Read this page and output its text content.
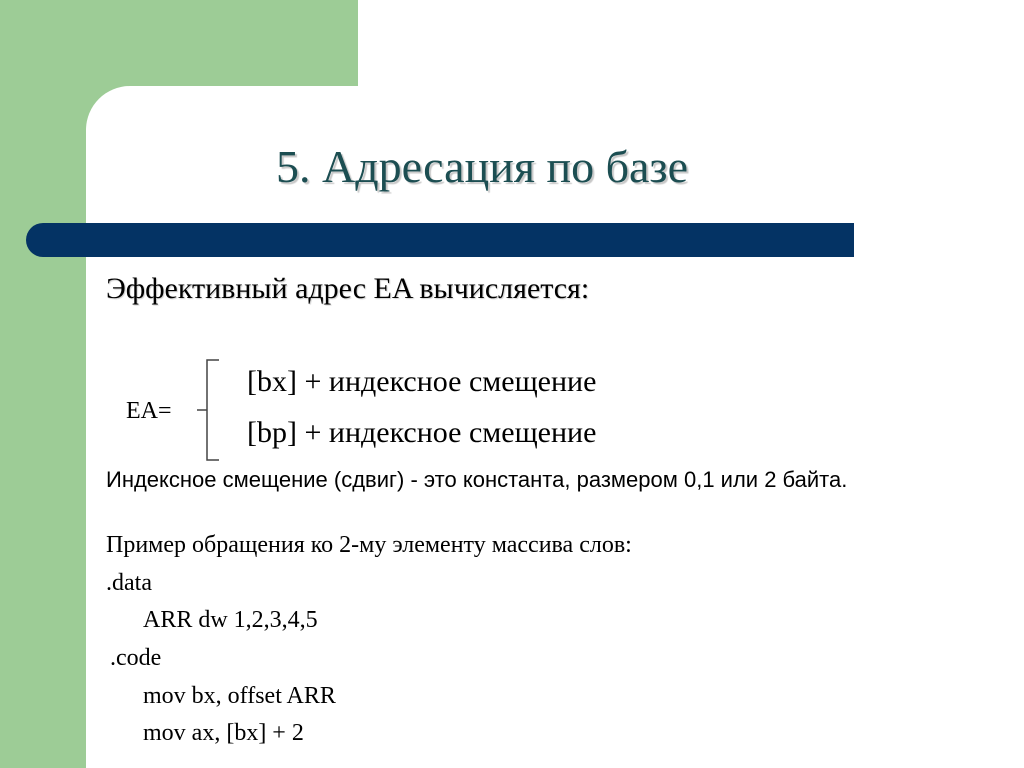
5. Адресация по базе
Эффективный адрес EA вычисляется:
EA=
[bx] + индексное смещение
[bp] + индексное смещение
Индексное смещение (сдвиг) - это константа, размером 0,1 или 2 байта.
Пример обращения ко 2-му элементу массива слов:
.data
ARR dw 1,2,3,4,5
.code
mov bx, offset ARR
mov ax, [bx] + 2
